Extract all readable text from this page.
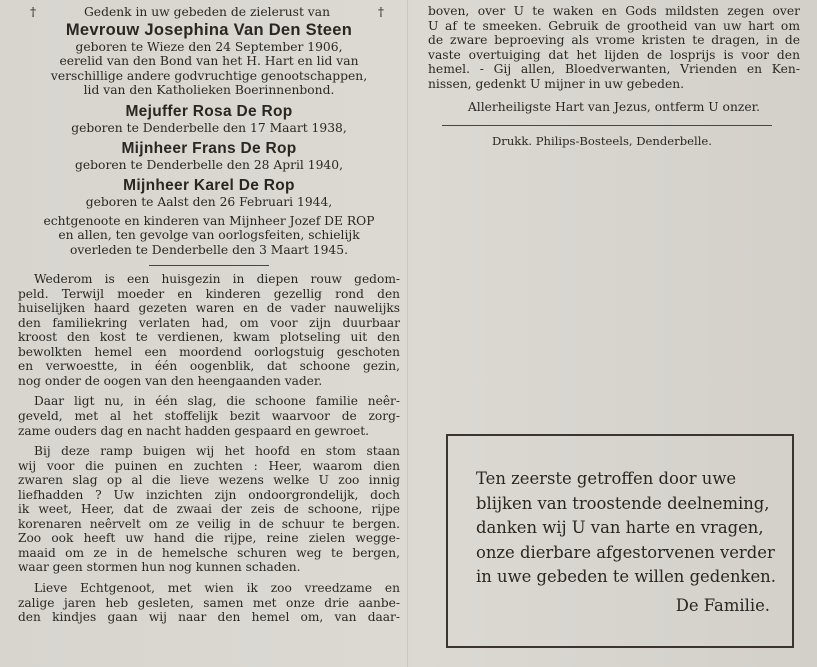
†	Gedenk in uw gebeden de zielerust van	†
Mevrouw Josephina Van Den Steen
geboren te Wieze den 24 September 1906,
eerelid van den Bond van het H. Hart en lid van
verschillige andere godvruchtige genootschappen,
lid van den Katholieken Boerinnenbond.
Mejuffer Rosa De Rop
geboren te Denderbelle den 17 Maart 1938,
Mijnheer Frans De Rop
geboren te Denderbelle den 28 April 1940,
Mijnheer Karel De Rop
geboren te Aalst den 26 Februari 1944,
echtgenoote en kinderen van Mijnheer Jozef DE ROP
en allen, ten gevolge van oorlogsfeiten, schielijk
overleden te Denderbelle den 3 Maart 1945.
Wederom is een huisgezin in diepen rouw gedom-
peld. Terwijl moeder en kinderen gezellig rond den
huiselijken haard gezeten waren en de vader nauwelijks
den familiekring verlaten had, om voor zijn duurbaar
kroost den kost te verdienen, kwam plotseling uit den
bewolkten hemel een moordend oorlogstuig geschoten
en verwoestte, in één oogenblik, dat schoone gezin,
nog onder de oogen van den heengaanden vader.
Daar ligt nu, in één slag, die schoone familie neêr-
geveld, met al het stoffelijk bezit waarvoor de zorg-
zame ouders dag en nacht hadden gespaard en gewroet.
Bij deze ramp buigen wij het hoofd en stom staan
wij voor die puinen en zuchten : Heer, waarom dien
zwaren slag op al die lieve wezens welke U zoo innig
liefhadden ? Uw inzichten zijn ondoorgrondelijk, doch
ik weet, Heer, dat de zwaai der zeis de schoone, rijpe
korenaren neêrvelt om ze veilig in de schuur te bergen.
Zoo ook heeft uw hand die rijpe, reine zielen wegge-
maaid om ze in de hemelsche schuren weg te bergen,
waar geen stormen hun nog kunnen schaden.
Lieve Echtgenoot, met wien ik zoo vreedzame en
zalige jaren heb gesleten, samen met onze drie aanbe-
den kindjes gaan wij naar den hemel om, van daar-
boven, over U te waken en Gods mildsten zegen over
U af te smeeken. Gebruik de grootheid van uw hart om
de zware beproeving als vrome kristen te dragen, in de
vaste overtuiging dat het lijden de losprijs is voor den
hemel. - Gij allen, Bloedverwanten, Vrienden en Ken-
nissen, gedenkt U mijner in uw gebeden.
Allerheiligste Hart van Jezus, ontferm U onzer.
Drukk. Philips-Bosteels, Denderbelle.
Ten zeerste getroffen door uwe
blijken van troostende deelneming,
danken wij U van harte en vragen,
onze dierbare afgestorvenen verder
in uwe gebeden te willen gedenken.
De Familie.
